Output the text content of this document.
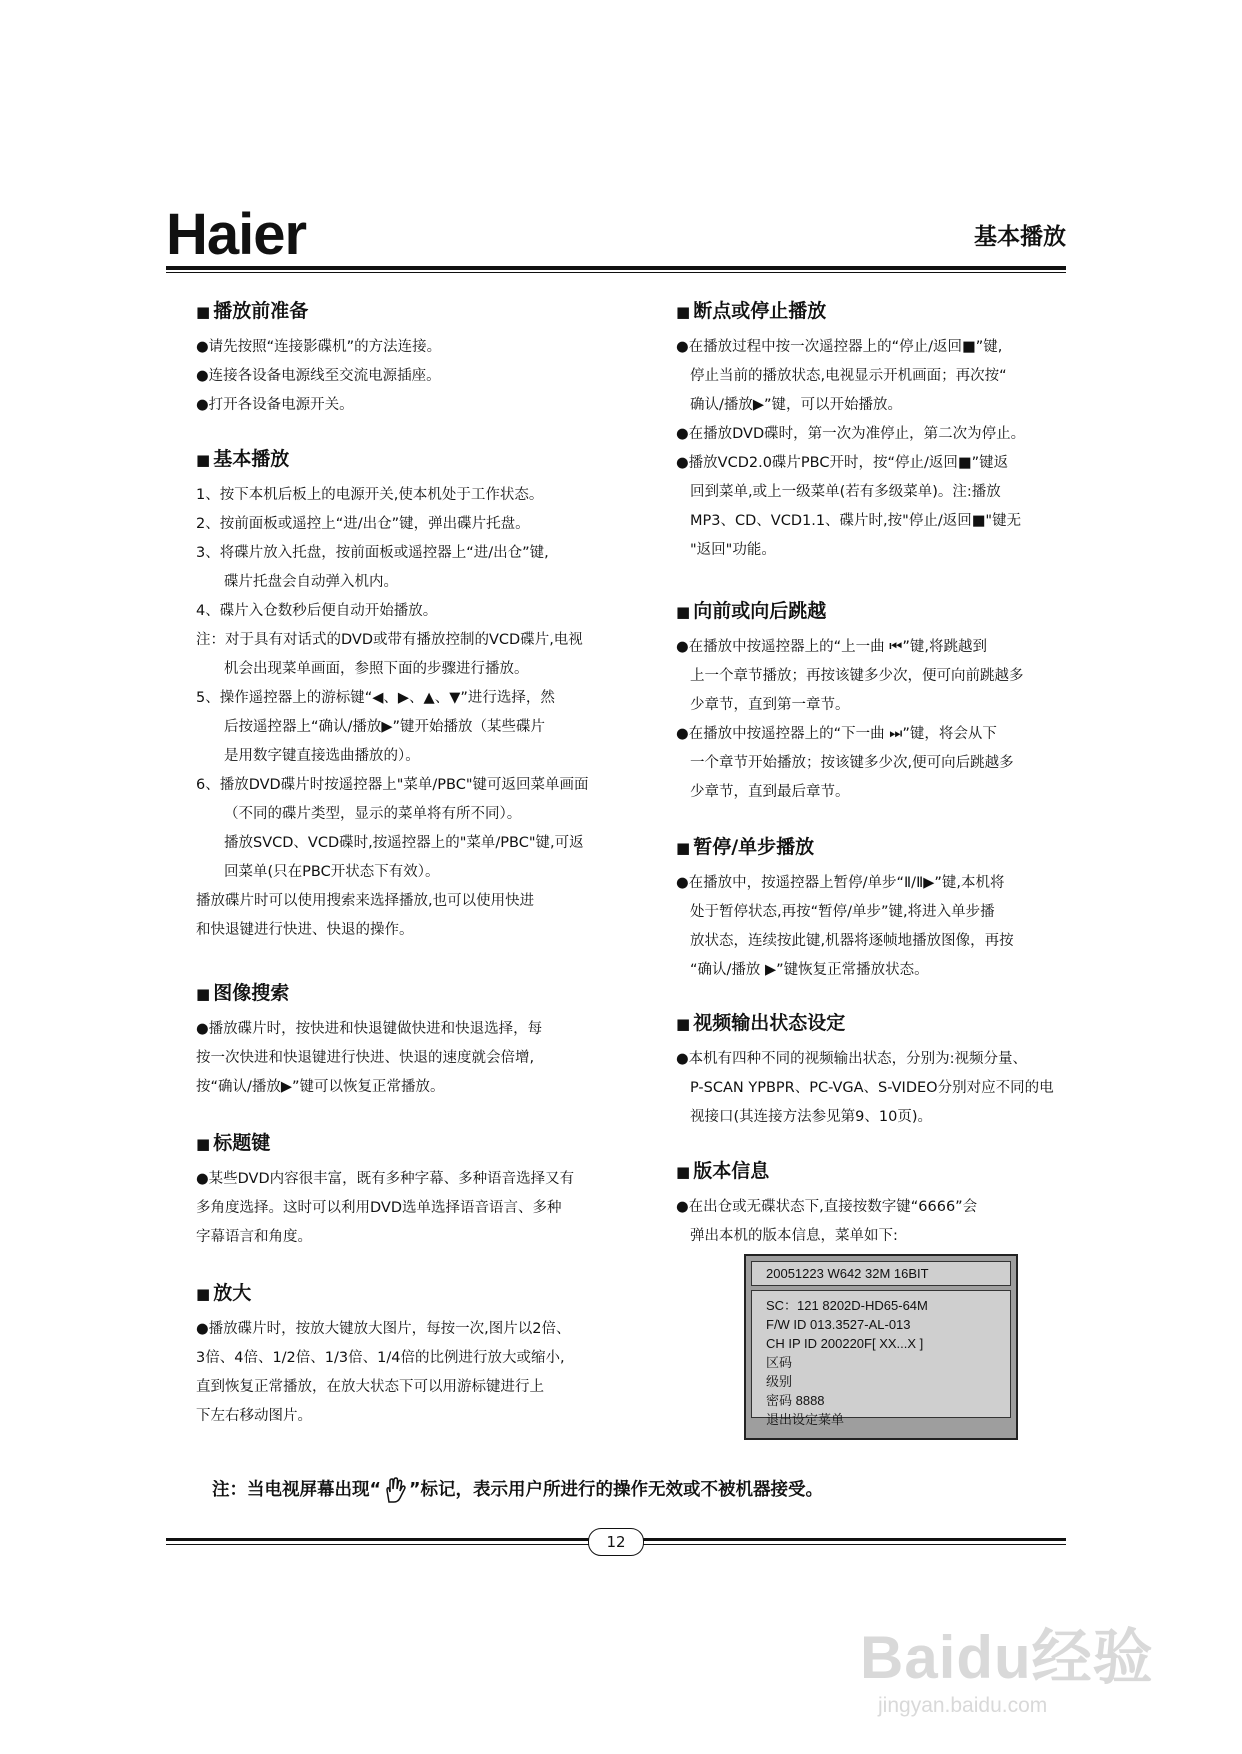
Haier	基本播放
■ 播放前准备

●请先按照“连接影碟机”的方法连接。

●连接各设备电源线至交流电源插座。

●打开各设备电源开关。

■ 基本播放

1、按下本机后板上的电源开关,使本机处于工作状态。

2、按前面板或遥控上“进/出仓”键，弹出碟片托盘。

3、将碟片放入托盘，按前面板或遥控器上“进/出仓”键,

碟片托盘会自动弹入机内。

4、碟片入仓数秒后便自动开始播放。

注：对于具有对话式的DVD或带有播放控制的VCD碟片,电视

机会出现菜单画面，参照下面的步骤进行播放。

5、操作遥控器上的游标键“◀、▶、▲、▼”进行选择，然

后按遥控器上“确认/播放▶”键开始播放（某些碟片

是用数字键直接选曲播放的）。

6、播放DVD碟片时按遥控器上"菜单/PBC"键可返回菜单画面

（不同的碟片类型，显示的菜单将有所不同）。

播放SVCD、VCD碟时,按遥控器上的"菜单/PBC"键,可返

回菜单(只在PBC开状态下有效）。

播放碟片时可以使用搜索来选择播放,也可以使用快进

和快退键进行快进、快退的操作。

■ 图像搜索

●播放碟片时，按快进和快退键做快进和快退选择，每

按一次快进和快退键进行快进、快退的速度就会倍增,

按“确认/播放▶”键可以恢复正常播放。

■ 标题键

●某些DVD内容很丰富，既有多种字幕、多种语音选择又有

多角度选择。这时可以利用DVD选单选择语音语言、多种

字幕语言和角度。

■ 放大

●播放碟片时，按放大键放大图片，每按一次,图片以2倍、

3倍、4倍、1/2倍、1/3倍、1/4倍的比例进行放大或缩小,

直到恢复正常播放，在放大状态下可以用游标键进行上

下左右移动图片。

■ 断点或停止播放

●在播放过程中按一次遥控器上的“停止/返回■”键,

停止当前的播放状态,电视显示开机画面；再次按“

确认/播放▶”键，可以开始播放。

●在播放DVD碟时，第一次为准停止，第二次为停止。

●播放VCD2.0碟片PBC开时，按“停止/返回■”键返

回到菜单,或上一级菜单(若有多级菜单)。注:播放

MP3、CD、VCD1.1、碟片时,按"停止/返回■"键无

"返回"功能。

■ 向前或向后跳越

●在播放中按遥控器上的“上一曲 ⏮”键,将跳越到

上一个章节播放；再按该键多少次，便可向前跳越多

少章节，直到第一章节。

●在播放中按遥控器上的“下一曲 ⏭”键，将会从下

一个章节开始播放；按该键多少次,便可向后跳越多

少章节，直到最后章节。

■ 暂停/单步播放

●在播放中，按遥控器上暂停/单步“Ⅱ/Ⅱ▶”键,本机将

处于暂停状态,再按“暂停/单步”键,将进入单步播

放状态，连续按此键,机器将逐帧地播放图像，再按

“确认/播放 ▶”键恢复正常播放状态。

■ 视频输出状态设定

●本机有四种不同的视频输出状态，分别为:视频分量、

P-SCAN YPBPR、PC-VGA、S-VIDEO分别对应不同的电

视接口(其连接方法参见第9、10页)。

■ 版本信息

●在出仓或无碟状态下,直接按数字键“6666”会

弹出本机的版本信息，菜单如下:

20051223 W642 32M 16BIT
SC：121 8202D-HD65-64M
F/W ID 013.3527-AL-013
CH IP ID 200220F[ XX...X ]
区码
级别
密码 8888
退出设定菜单
注：当电视屏幕出现“ ”标记，表示用户所进行的操作无效或不被机器接受。
12
Baidu经验
jingyan.baidu.com
